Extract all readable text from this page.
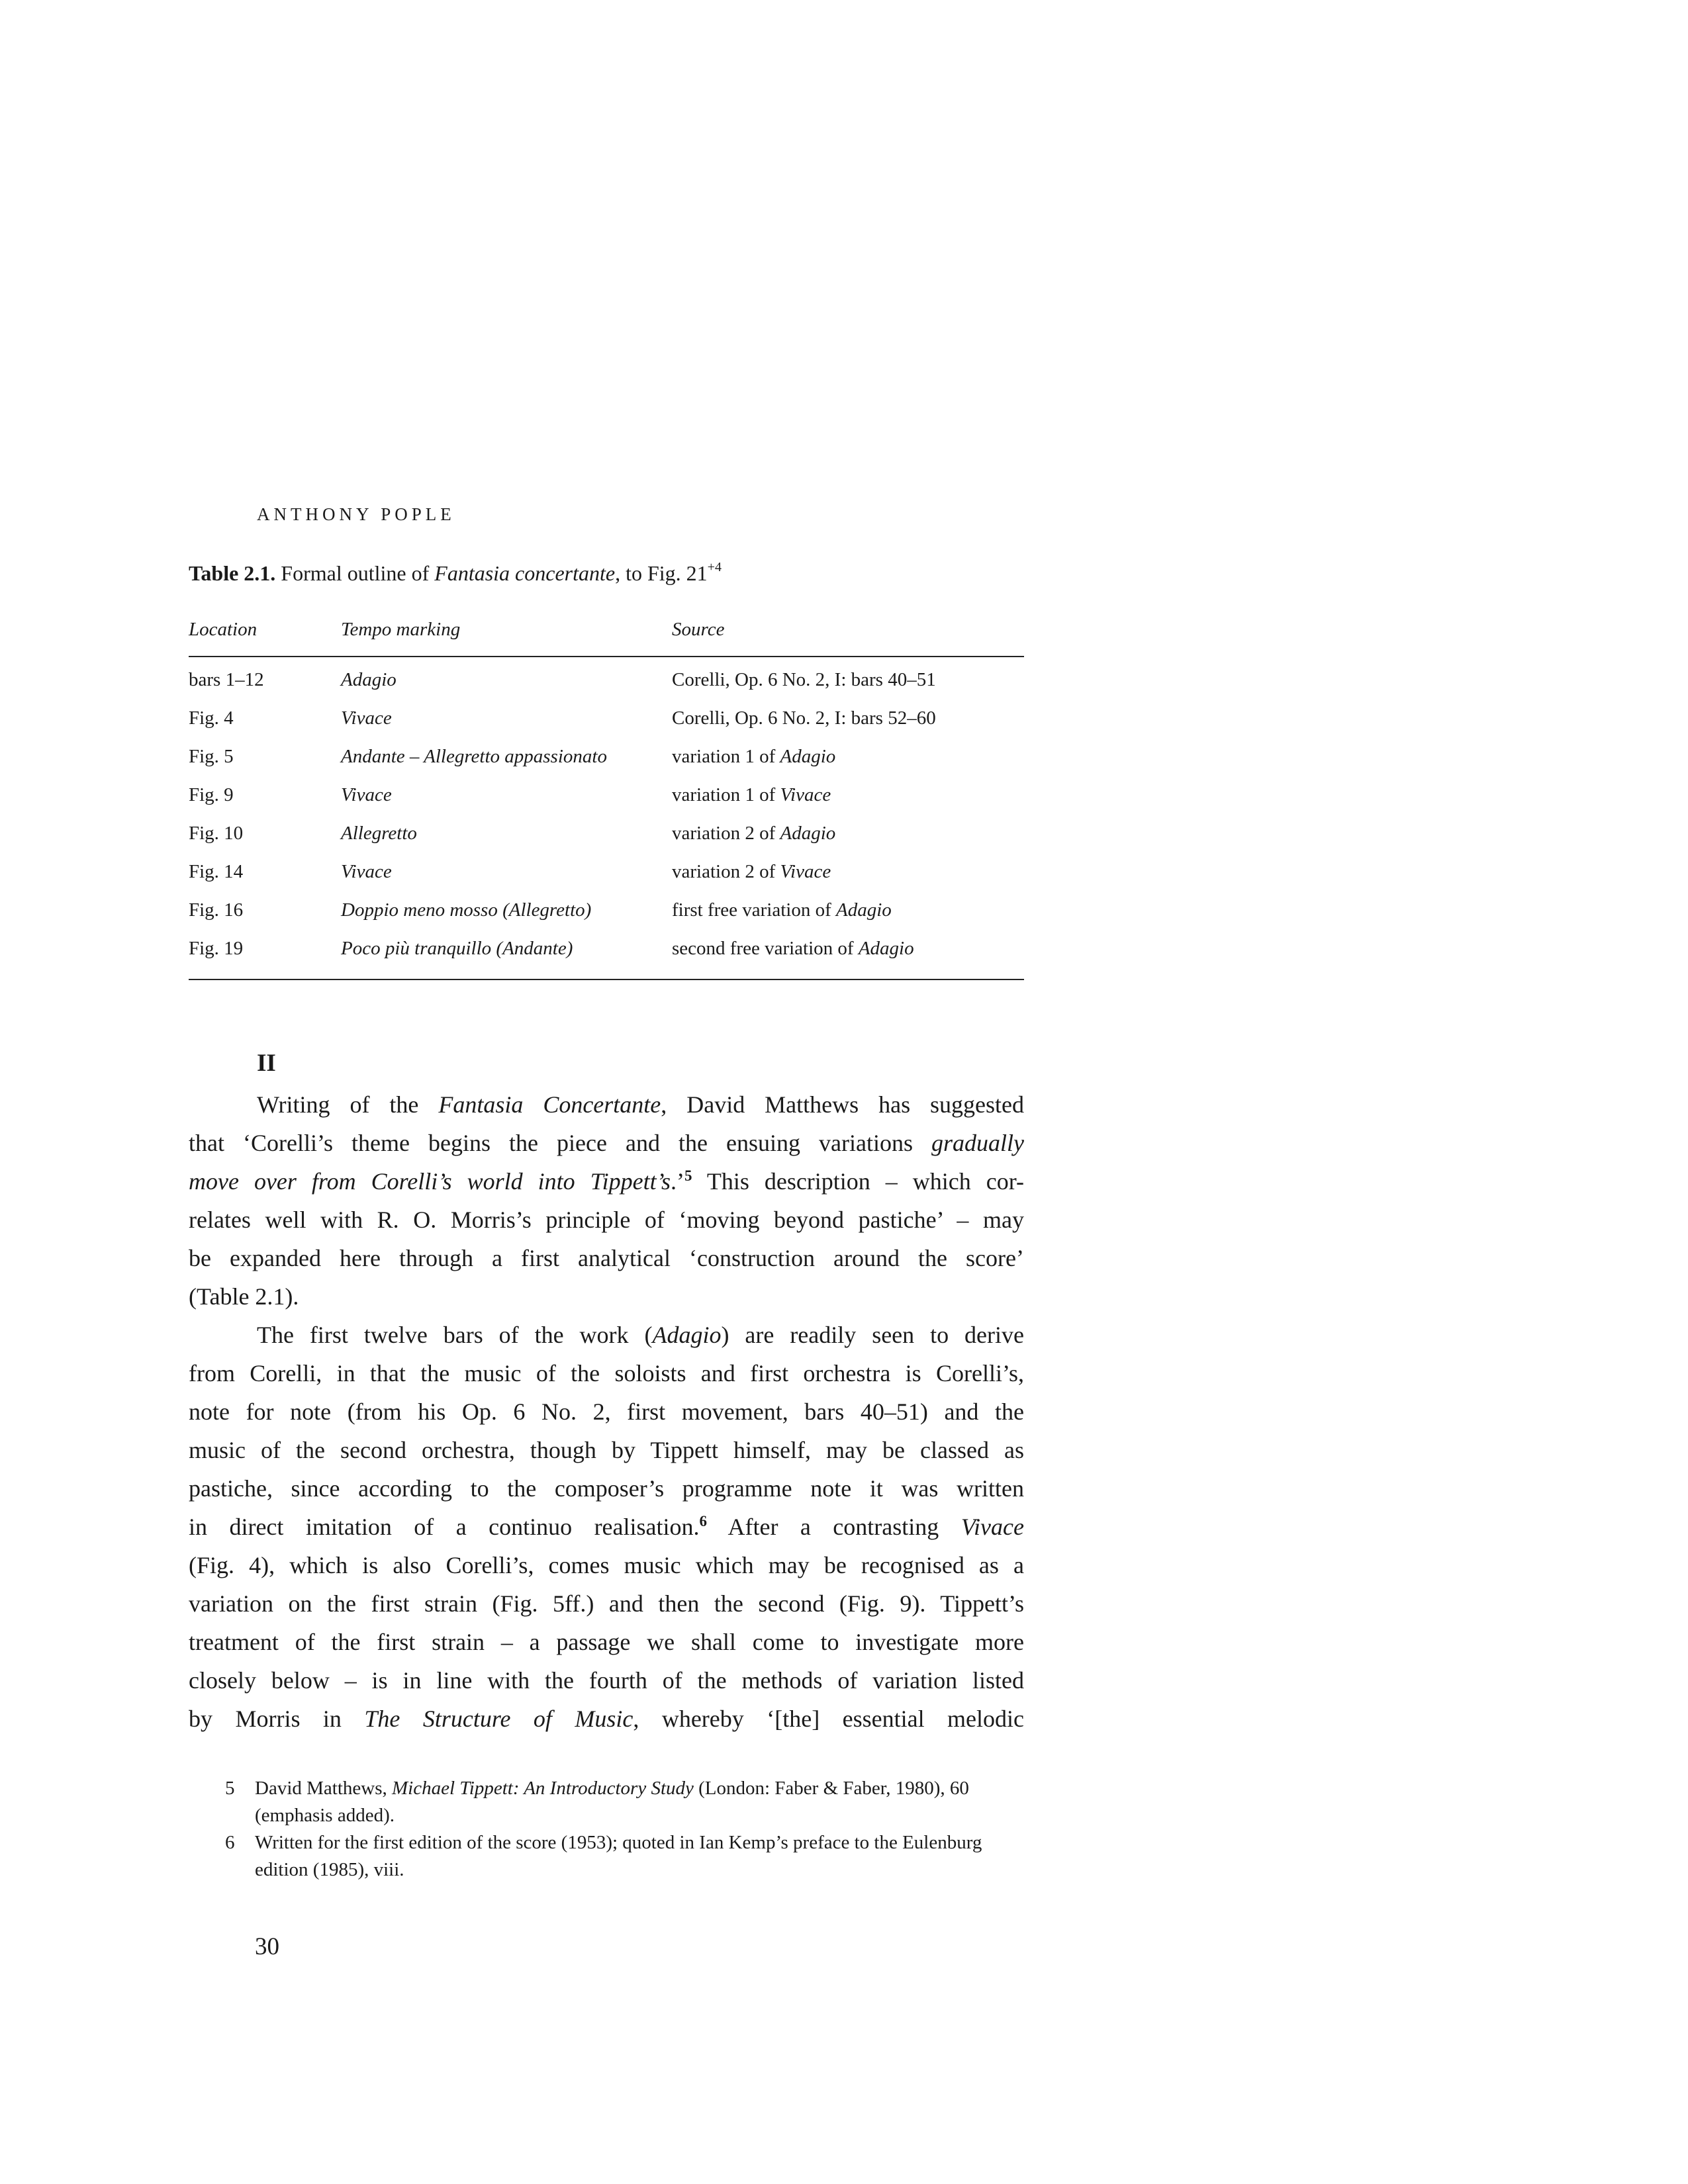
ANTHONY POPLE
Table 2.1. Formal outline of Fantasia concertante, to Fig. $21^{+4}$
Location	Tempo marking	Source
bars 1–12	Adagio	Corelli, Op. 6 No. 2, I: bars 40–51
Fig. 4	Vivace	Corelli, Op. 6 No. 2, I: bars 52–60
Fig. 5	Andante – Allegretto appassionato	variation 1 of Adagio
Fig. 9	Vivace	variation 1 of Vivace
Fig. 10	Allegretto	variation 2 of Adagio
Fig. 14	Vivace	variation 2 of Vivace
Fig. 16	Doppio meno mosso (Allegretto)	first free variation of Adagio
Fig. 19	Poco più tranquillo (Andante)	second free variation of Adagio
II
Writing of the Fantasia Concertante, David Matthews has suggested
that ‘Corelli’s theme begins the piece and the ensuing variations gradually
move over from Corelli’s world into Tippett’s.’$^5$ This description – which cor-
relates well with R. O. Morris’s principle of ‘moving beyond pastiche’ – may
be expanded here through a first analytical ‘construction around the score’
(Table 2.1).
The first twelve bars of the work (Adagio) are readily seen to derive
from Corelli, in that the music of the soloists and first orchestra is Corelli’s,
note for note (from his Op. 6 No. 2, first movement, bars 40–51) and the
music of the second orchestra, though by Tippett himself, may be classed as
pastiche, since according to the composer’s programme note it was written
in direct imitation of a continuo realisation.$^6$ After a contrasting Vivace
(Fig. 4), which is also Corelli’s, comes music which may be recognised as a
variation on the first strain (Fig. 5ff.) and then the second (Fig. 9). Tippett’s
treatment of the first strain – a passage we shall come to investigate more
closely below – is in line with the fourth of the methods of variation listed
by Morris in The Structure of Music, whereby ‘[the] essential melodic
5 David Matthews, Michael Tippett: An Introductory Study (London: Faber & Faber, 1980), 60 (emphasis added).
6 Written for the first edition of the score (1953); quoted in Ian Kemp’s preface to the Eulenburg edition (1985), viii.
30
